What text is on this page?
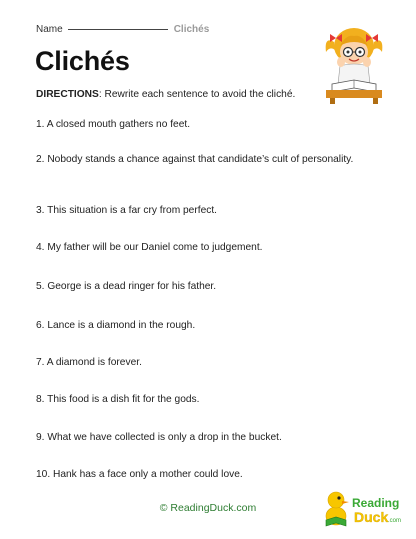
Name	Clichés
Clichés
DIRECTIONS: Rewrite each sentence to avoid the cliché.
1. A closed mouth gathers no feet.
2. Nobody stands a chance against that candidate’s cult of personality.
3. This situation is a far cry from perfect.
4. My father will be our Daniel come to judgement.
5. George is a dead ringer for his father.
6. Lance is a diamond in the rough.
7. A diamond is forever.
8. This food is a dish fit for the gods.
9. What we have collected is only a drop in the bucket.
10. Hank has a face only a mother could love.
© ReadingDuck.com	Reading
Duck .com
